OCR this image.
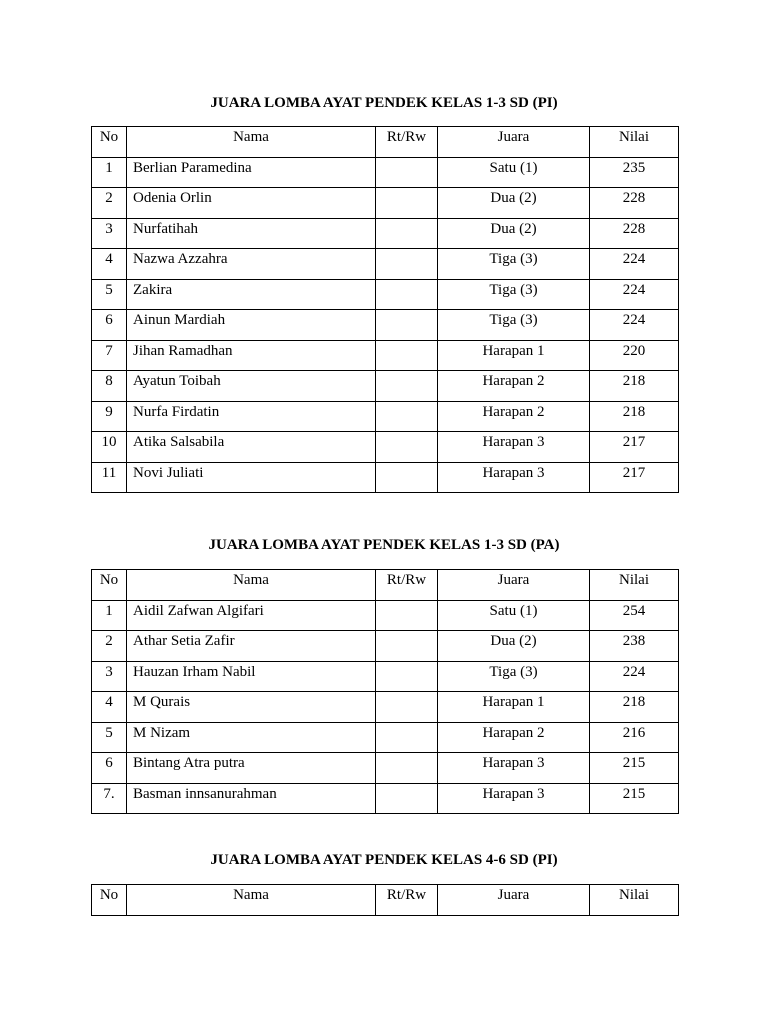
JUARA LOMBA AYAT PENDEK KELAS 1-3 SD (PI)
No	Nama	Rt/Rw	Juara	Nilai
1	Berlian Paramedina		Satu (1)	235
2	Odenia Orlin		Dua (2)	228
3	Nurfatihah		Dua (2)	228
4	Nazwa Azzahra		Tiga (3)	224
5	Zakira		Tiga (3)	224
6	Ainun Mardiah		Tiga (3)	224
7	Jihan Ramadhan		Harapan 1	220
8	Ayatun Toibah		Harapan 2	218
9	Nurfa Firdatin		Harapan 2	218
10	Atika Salsabila		Harapan 3	217
11	Novi Juliati		Harapan 3	217
JUARA LOMBA AYAT PENDEK KELAS 1-3 SD (PA)
No	Nama	Rt/Rw	Juara	Nilai
1	Aidil Zafwan Algifari		Satu (1)	254
2	Athar Setia Zafir		Dua (2)	238
3	Hauzan Irham Nabil		Tiga (3)	224
4	M Qurais		Harapan 1	218
5	M Nizam		Harapan 2	216
6	Bintang Atra putra		Harapan 3	215
7.	Basman innsanurahman		Harapan 3	215
JUARA LOMBA AYAT PENDEK KELAS 4-6 SD (PI)
No	Nama	Rt/Rw	Juara	Nilai
